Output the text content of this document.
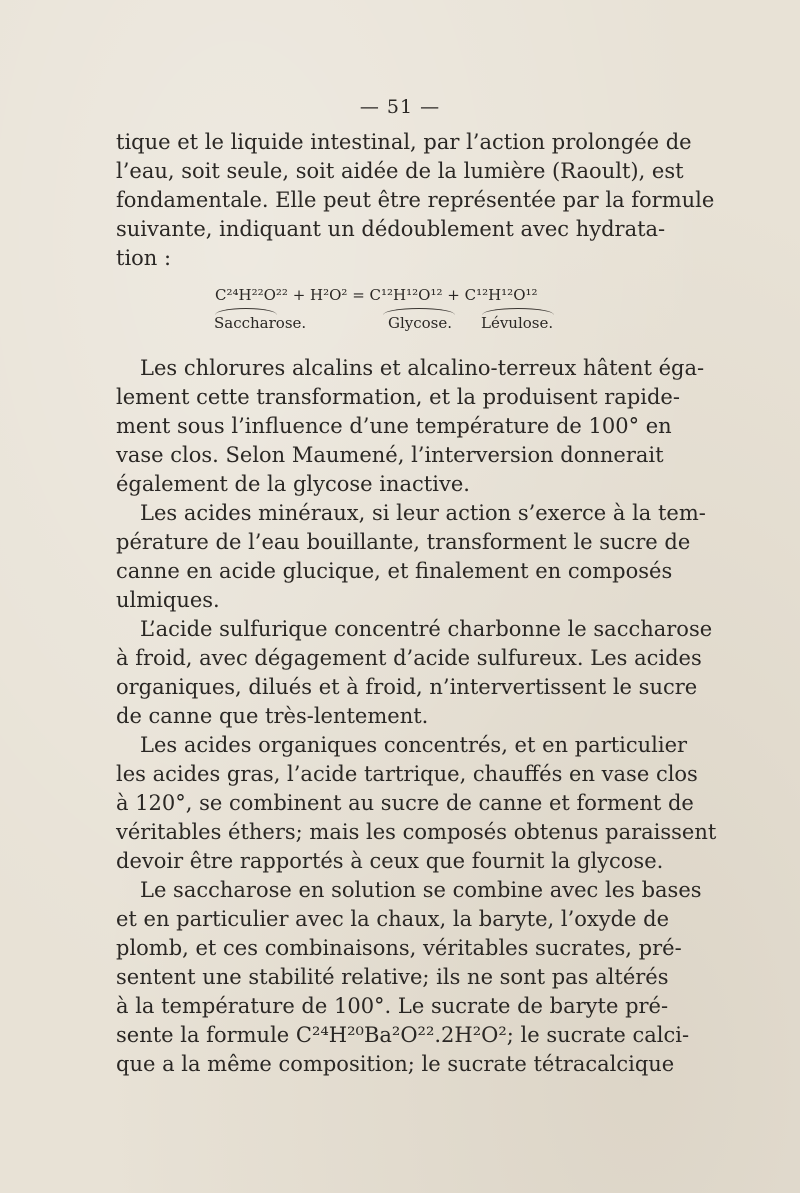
— 51 —
tique et le liquide intestinal, par l’action prolongée de
l’eau, soit seule, soit aidée de la lumière (Raoult), est
fondamentale. Elle peut être représentée par la formule
suivante, indiquant un dédoublement avec hydrata-
tion :
C²⁴H²²O²² + H²O² = C¹²H¹²O¹² + C¹²H¹²O¹²
Saccharose.	Glycose. Lévulose.
Les chlorures alcalins et alcalino-terreux hâtent éga-
lement cette transformation, et la produisent rapide-
ment sous l’influence d’une température de 100° en
vase clos. Selon Maumené, l’interversion donnerait
également de la glycose inactive.
Les acides minéraux, si leur action s’exerce à la tem-
pérature de l’eau bouillante, transforment le sucre de
canne en acide glucique, et finalement en composés
ulmiques.
L’acide sulfurique concentré charbonne le saccharose
à froid, avec dégagement d’acide sulfureux. Les acides
organiques, dilués et à froid, n’intervertissent le sucre
de canne que très-lentement.
Les acides organiques concentrés, et en particulier
les acides gras, l’acide tartrique, chauffés en vase clos
à 120°, se combinent au sucre de canne et forment de
véritables éthers; mais les composés obtenus paraissent
devoir être rapportés à ceux que fournit la glycose.
Le saccharose en solution se combine avec les bases
et en particulier avec la chaux, la baryte, l’oxyde de
plomb, et ces combinaisons, véritables sucrates, pré-
sentent une stabilité relative; ils ne sont pas altérés
à la température de 100°. Le sucrate de baryte pré-
sente la formule C²⁴H²⁰Ba²O²².2H²O²; le sucrate calci-
que a la même composition; le sucrate tétracalcique
